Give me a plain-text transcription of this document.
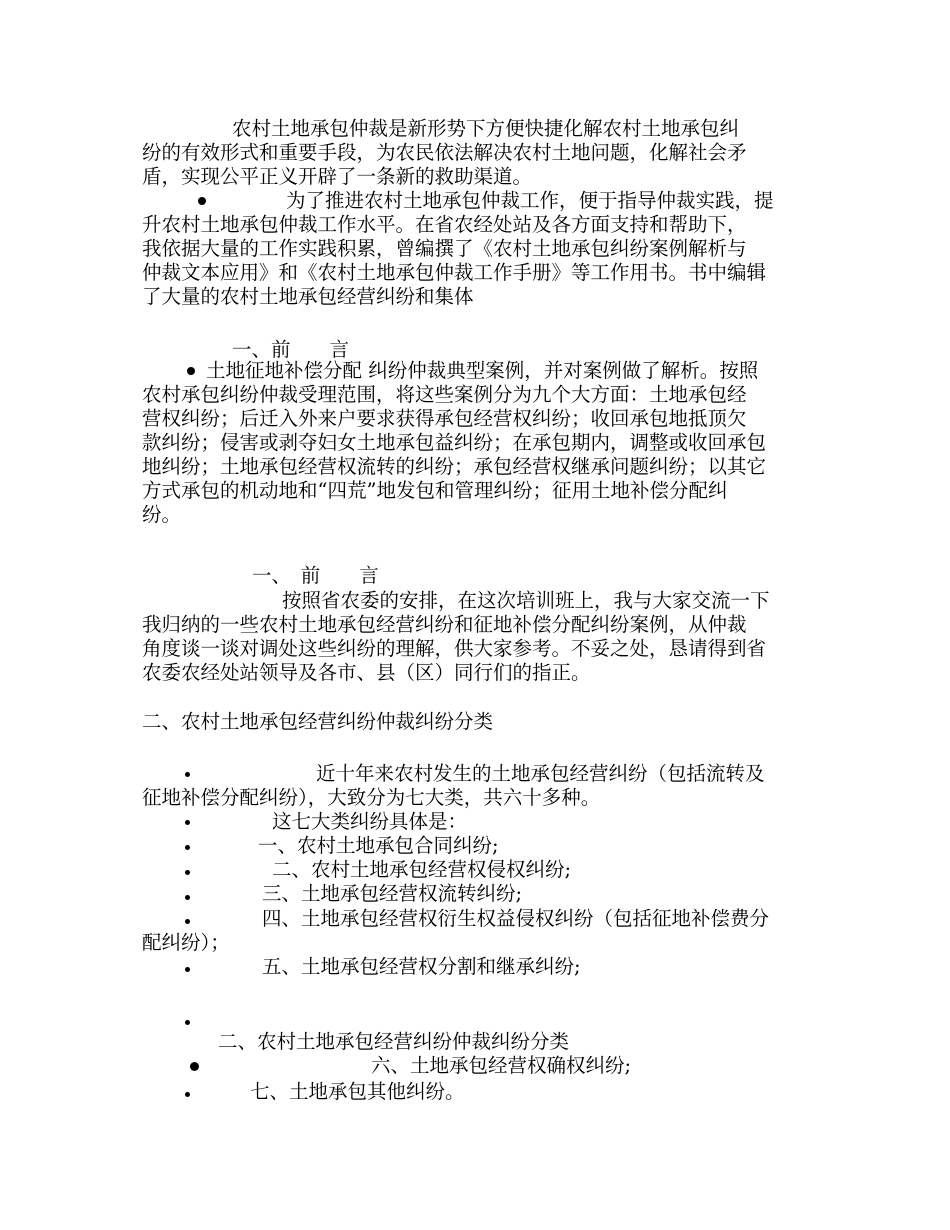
农村土地承包仲裁是新形势下方便快捷化解农村土地承包纠
纷的有效形式和重要手段，为农民依法解决农村土地问题，化解社会矛
盾，实现公平正义开辟了一条新的救助渠道。
为了推进农村土地承包仲裁工作，便于指导仲裁实践，提
升农村土地承包仲裁工作水平。在省农经处站及各方面支持和帮助下，
我依据大量的工作实践积累，曾编撰了《农村土地承包纠纷案例解析与
仲裁文本应用》和《农村土地承包仲裁工作手册》等工作用书。书中编辑
了大量的农村土地承包经营纠纷和集体
一、前　　言
土地征地补偿分配 纠纷仲裁典型案例，并对案例做了解析。按照
农村承包纠纷仲裁受理范围，将这些案例分为九个大方面：土地承包经
营权纠纷；后迁入外来户要求获得承包经营权纠纷；收回承包地抵顶欠
款纠纷；侵害或剥夺妇女土地承包益纠纷；在承包期内，调整或收回承包
地纠纷；土地承包经营权流转的纠纷；承包经营权继承问题纠纷；以其它
方式承包的机动地和“四荒”地发包和管理纠纷；征用土地补偿分配纠
纷。
一、　前　　言
按照省农委的安排，在这次培训班上，我与大家交流一下
我归纳的一些农村土地承包经营纠纷和征地补偿分配纠纷案例，从仲裁
角度谈一谈对调处这些纠纷的理解，供大家参考。不妥之处，恳请得到省
农委农经处站领导及各市、县（区）同行们的指正。
二、农村土地承包经营纠纷仲裁纠纷分类
近十年来农村发生的土地承包经营纠纷（包括流转及
征地补偿分配纠纷），大致分为七大类，共六十多种。
这七大类纠纷具体是：
一、农村土地承包合同纠纷;
二、农村土地承包经营权侵权纠纷;
三、土地承包经营权流转纠纷;
四、土地承包经营权衍生权益侵权纠纷（包括征地补偿费分
配纠纷）；
五、土地承包经营权分割和继承纠纷;
二、农村土地承包经营纠纷仲裁纠纷分类
六、土地承包经营权确权纠纷;
七、土地承包其他纠纷。
